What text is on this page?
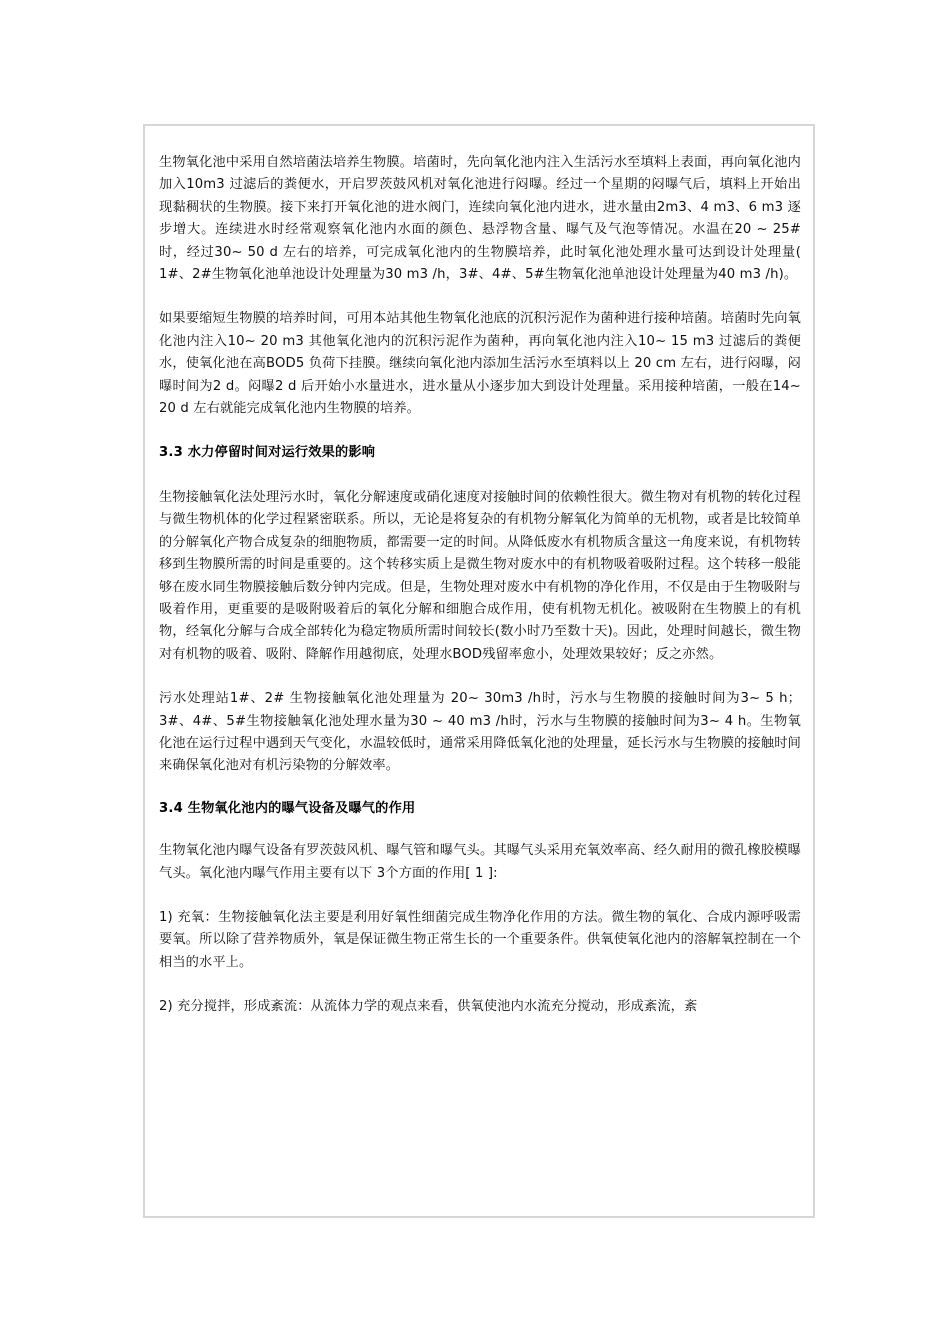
生物氧化池中采用自然培菌法培养生物膜。培菌时，先向氧化池内注入生活污水至填料上表面，再向氧化池内加入10m3 过滤后的粪便水，开启罗茨鼓风机对氧化池进行闷曝。经过一个星期的闷曝气后，填料上开始出现黏稠状的生物膜。接下来打开氧化池的进水阀门，连续向氧化池内进水，进水量由2m3、4 m3、6 m3 逐步增大。连续进水时经常观察氧化池内水面的颜色、悬浮物含量、曝气及气泡等情况。水温在20 ~ 25# 时，经过30~ 50 d 左右的培养，可完成氧化池内的生物膜培养，此时氧化池处理水量可达到设计处理量( 1#、2#生物氧化池单池设计处理量为30 m3 /h，3#、4#、5#生物氧化池单池设计处理量为40 m3 /h)。

如果要缩短生物膜的培养时间，可用本站其他生物氧化池底的沉积污泥作为菌种进行接种培菌。培菌时先向氧化池内注入10~ 20 m3 其他氧化池内的沉积污泥作为菌种，再向氧化池内注入10~ 15 m3 过滤后的粪便水，使氧化池在高BOD5 负荷下挂膜。继续向氧化池内添加生活污水至填料以上 20 cm 左右，进行闷曝，闷曝时间为2 d。闷曝2 d 后开始小水量进水，进水量从小逐步加大到设计处理量。采用接种培菌，一般在14~ 20 d 左右就能完成氧化池内生物膜的培养。

3.3 水力停留时间对运行效果的影响

生物接触氧化法处理污水时，氧化分解速度或硝化速度对接触时间的依赖性很大。微生物对有机物的转化过程与微生物机体的化学过程紧密联系。所以，无论是将复杂的有机物分解氧化为简单的无机物，或者是比较简单的分解氧化产物合成复杂的细胞物质，都需要一定的时间。从降低废水有机物质含量这一角度来说，有机物转移到生物膜所需的时间是重要的。这个转移实质上是微生物对废水中的有机物吸着吸附过程。这个转移一般能够在废水同生物膜接触后数分钟内完成。但是，生物处理对废水中有机物的净化作用，不仅是由于生物吸附与吸着作用，更重要的是吸附吸着后的氧化分解和细胞合成作用，使有机物无机化。被吸附在生物膜上的有机物，经氧化分解与合成全部转化为稳定物质所需时间较长(数小时乃至数十天)。因此，处理时间越长，微生物对有机物的吸着、吸附、降解作用越彻底，处理水BOD残留率愈小，处理效果较好；反之亦然。

污水处理站1#、2# 生物接触氧化池处理量为 20~ 30m3 /h时，污水与生物膜的接触时间为3~ 5 h；3#、4#、5#生物接触氧化池处理水量为30 ~ 40 m3 /h时，污水与生物膜的接触时间为3~ 4 h。生物氧化池在运行过程中遇到天气变化，水温较低时，通常采用降低氧化池的处理量，延长污水与生物膜的接触时间来确保氧化池对有机污染物的分解效率。

3.4 生物氧化池内的曝气设备及曝气的作用

生物氧化池内曝气设备有罗茨鼓风机、曝气管和曝气头。其曝气头采用充氧效率高、经久耐用的微孔橡胶模曝气头。氧化池内曝气作用主要有以下 3个方面的作用[ 1 ]:

1) 充氧：生物接触氧化法主要是利用好氧性细菌完成生物净化作用的方法。微生物的氧化、合成内源呼吸需要氧。所以除了营养物质外，氧是保证微生物正常生长的一个重要条件。供氧使氧化池内的溶解氧控制在一个相当的水平上。

2) 充分搅拌，形成紊流：从流体力学的观点来看，供氧使池内水流充分搅动，形成紊流，紊
